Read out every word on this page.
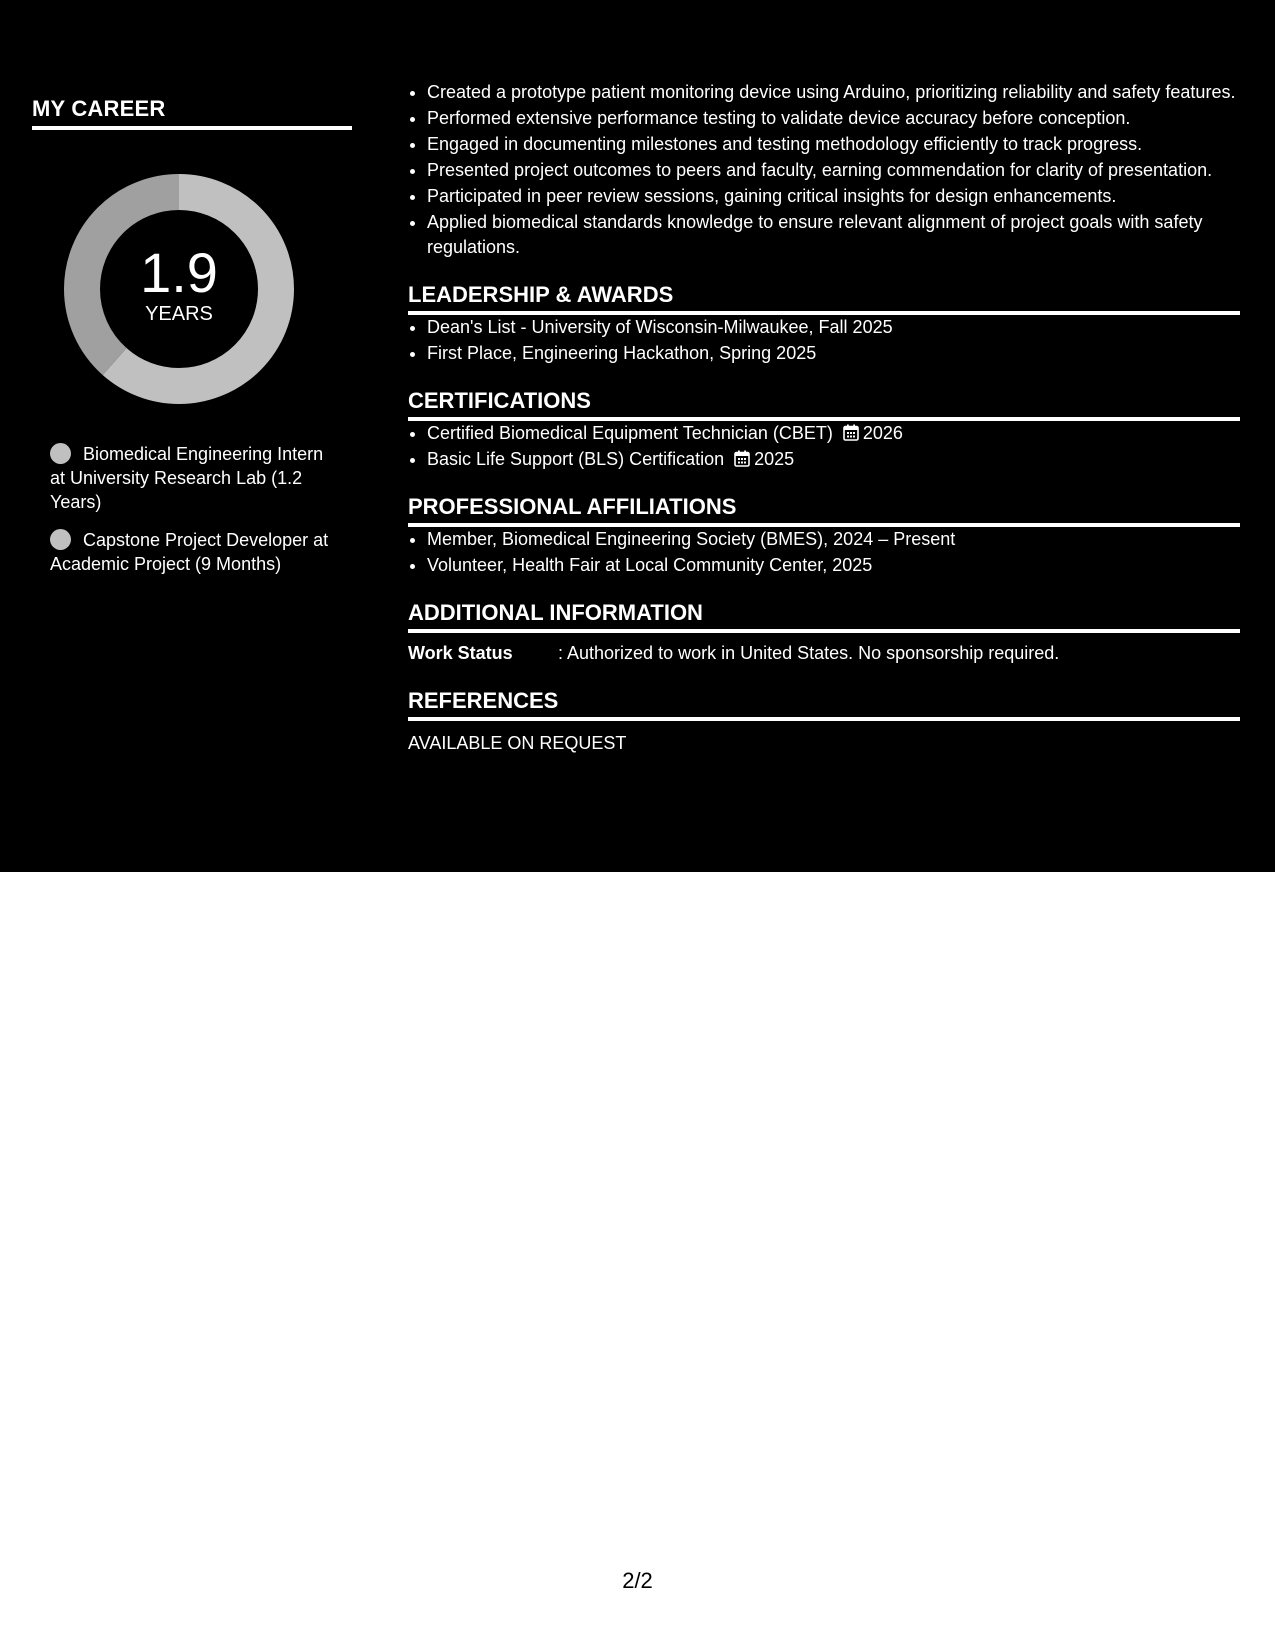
MY CAREER
1.9
YEARS
Biomedical Engineering Intern at University Research Lab (1.2 Years)
Capstone Project Developer at Academic Project (9 Months)
• Created a prototype patient monitoring device using Arduino, prioritizing reliability and safety features.
• Performed extensive performance testing to validate device accuracy before conception.
• Engaged in documenting milestones and testing methodology efficiently to track progress.
• Presented project outcomes to peers and faculty, earning commendation for clarity of presentation.
• Participated in peer review sessions, gaining critical insights for design enhancements.
• Applied biomedical standards knowledge to ensure relevant alignment of project goals with safety regulations.
LEADERSHIP & AWARDS
• Dean's List - University of Wisconsin-Milwaukee, Fall 2025
• First Place, Engineering Hackathon, Spring 2025
CERTIFICATIONS
• Certified Biomedical Equipment Technician (CBET) 2026
• Basic Life Support (BLS) Certification 2025
PROFESSIONAL AFFILIATIONS
• Member, Biomedical Engineering Society (BMES), 2024 – Present
• Volunteer, Health Fair at Local Community Center, 2025
ADDITIONAL INFORMATION
Work Status	: Authorized to work in United States. No sponsorship required.
REFERENCES
AVAILABLE ON REQUEST
2/2
